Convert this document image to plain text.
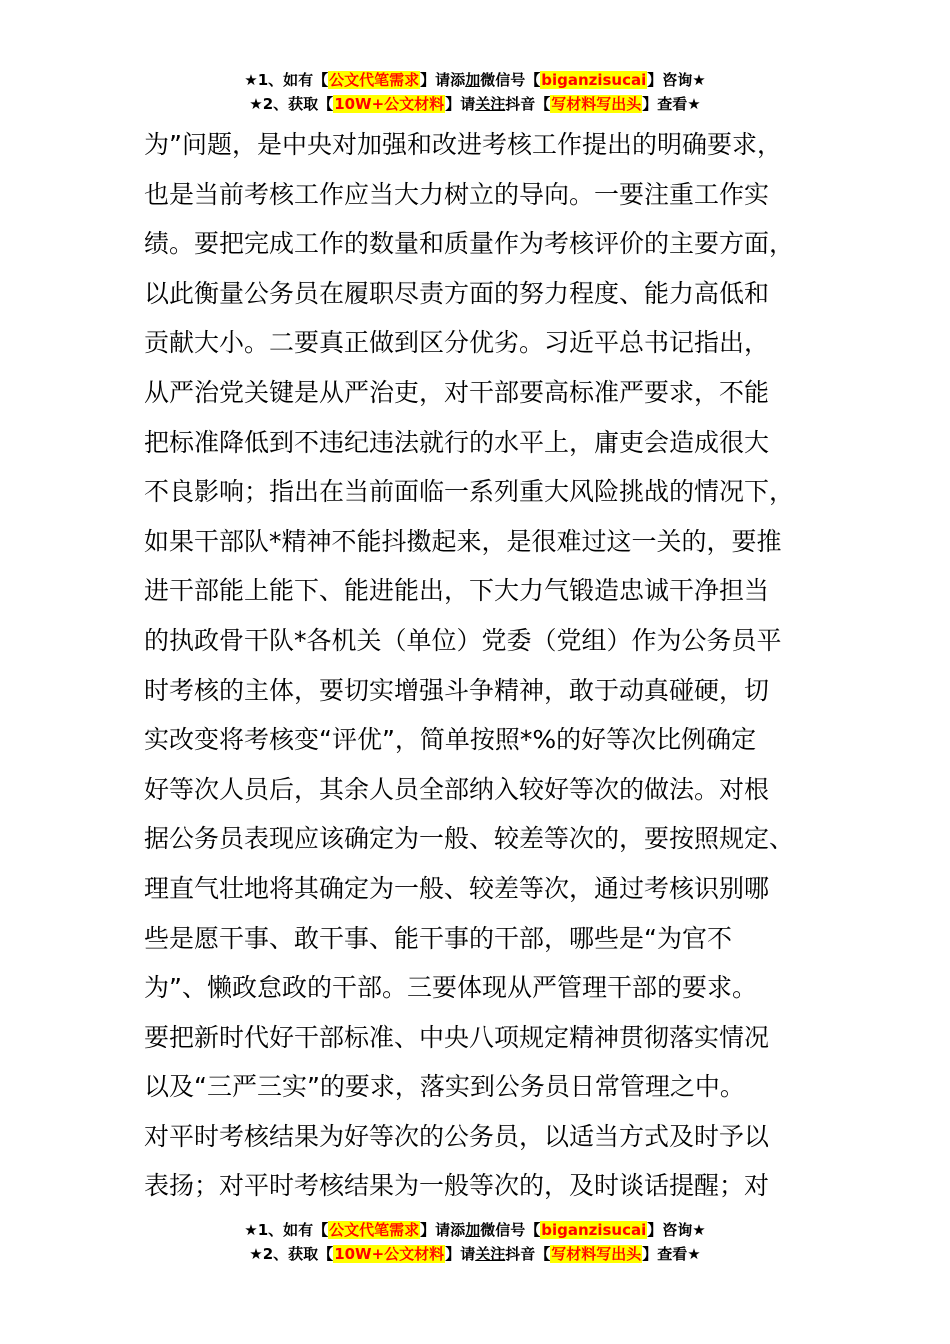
★1、如有【公文代笔需求】请添加微信号【biganzisucai】咨询★
★2、获取【10W+公文材料】请关注抖音【写材料写出头】查看★
为”问题，是中央对加强和改进考核工作提出的明确要求，
也是当前考核工作应当大力树立的导向。一要注重工作实
绩。要把完成工作的数量和质量作为考核评价的主要方面，
以此衡量公务员在履职尽责方面的努力程度、能力高低和
贡献大小。二要真正做到区分优劣。习近平总书记指出，
从严治党关键是从严治吏，对干部要高标准严要求，不能
把标准降低到不违纪违法就行的水平上，庸吏会造成很大
不良影响；指出在当前面临一系列重大风险挑战的情况下，
如果干部队*精神不能抖擞起来，是很难过这一关的，要推
进干部能上能下、能进能出，下大力气锻造忠诚干净担当
的执政骨干队*各机关（单位）党委（党组）作为公务员平
时考核的主体，要切实增强斗争精神，敢于动真碰硬，切
实改变将考核变“评优”，简单按照*%的好等次比例确定
好等次人员后，其余人员全部纳入较好等次的做法。对根
据公务员表现应该确定为一般、较差等次的，要按照规定、
理直气壮地将其确定为一般、较差等次，通过考核识别哪
些是愿干事、敢干事、能干事的干部，哪些是“为官不
为”、懒政怠政的干部。三要体现从严管理干部的要求。
要把新时代好干部标准、中央八项规定精神贯彻落实情况
以及“三严三实”的要求，落实到公务员日常管理之中。
对平时考核结果为好等次的公务员，以适当方式及时予以
表扬；对平时考核结果为一般等次的，及时谈话提醒；对
★1、如有【公文代笔需求】请添加微信号【biganzisucai】咨询★
★2、获取【10W+公文材料】请关注抖音【写材料写出头】查看★
